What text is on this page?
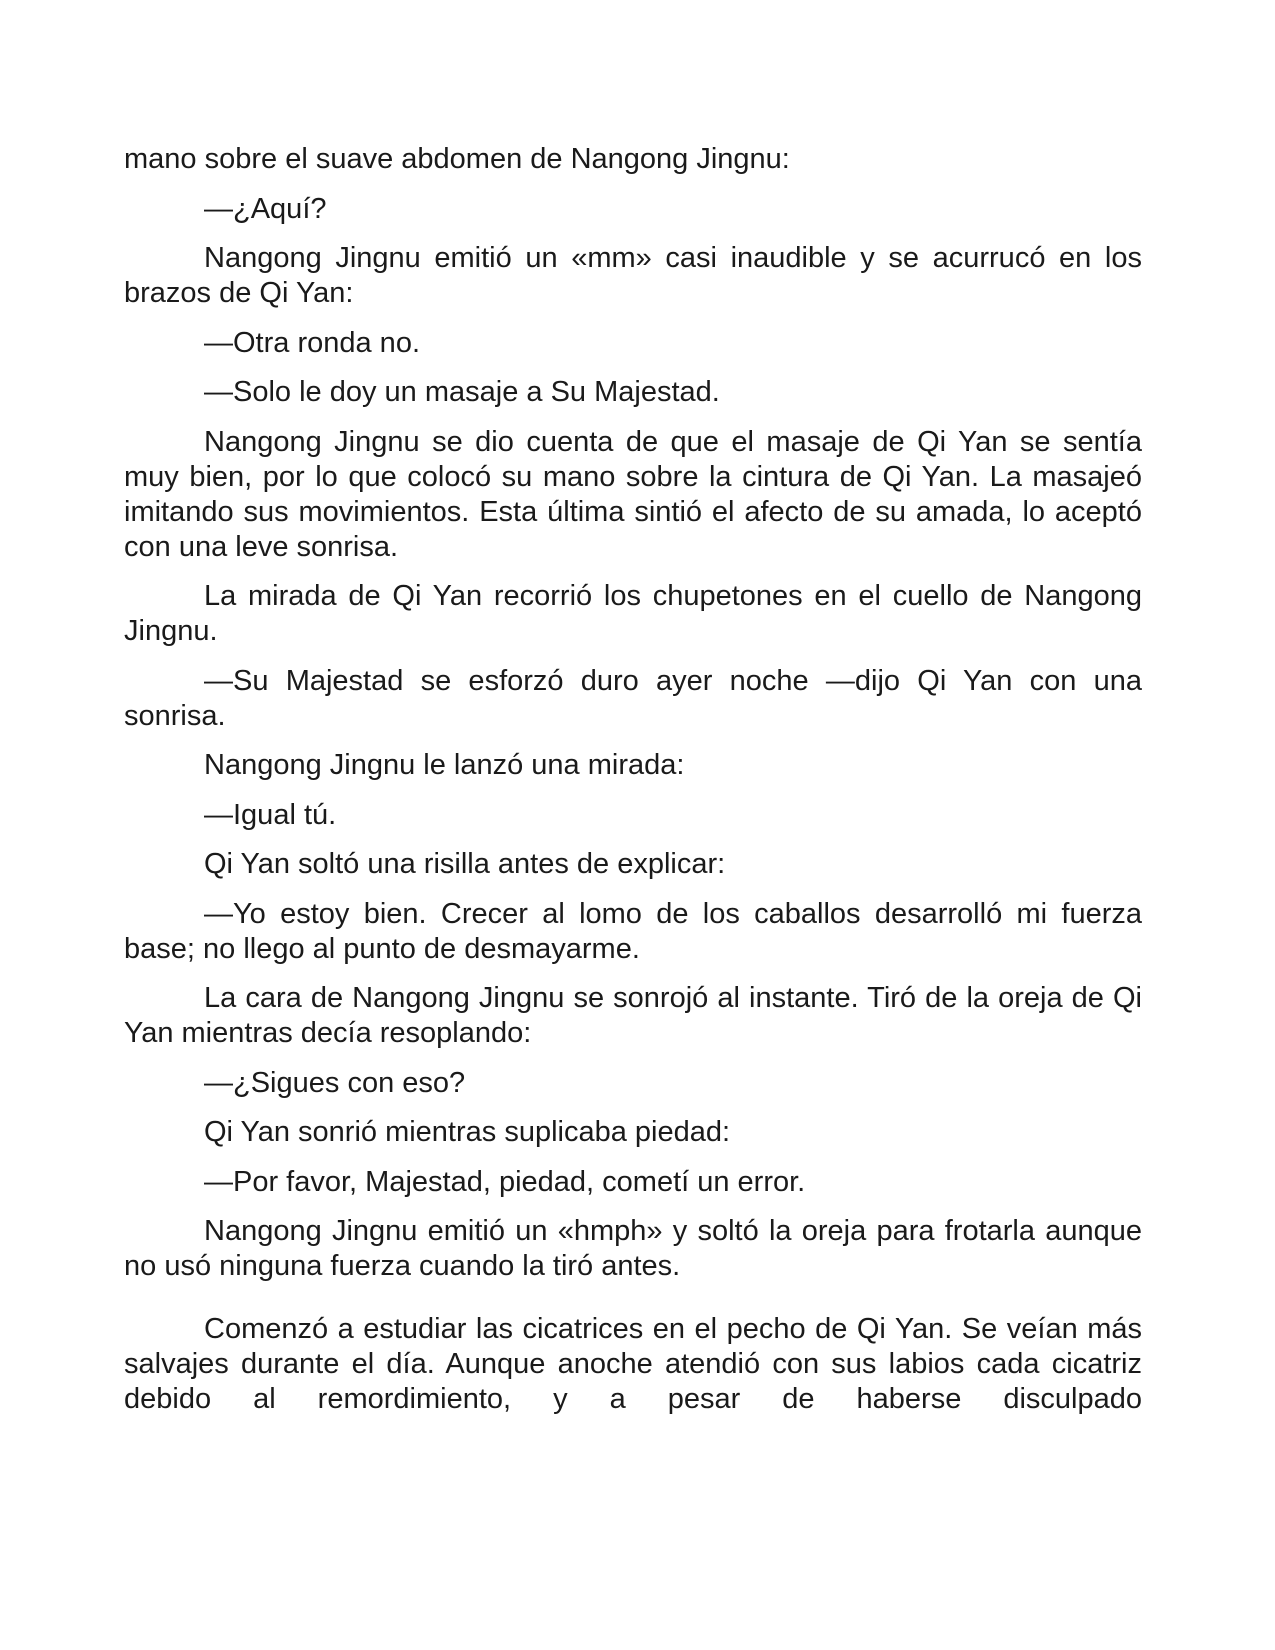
mano sobre el suave abdomen de Nangong Jingnu:

—¿Aquí?

Nangong Jingnu emitió un «mm» casi inaudible y se acurrucó en los brazos de Qi Yan:

—Otra ronda no.

—Solo le doy un masaje a Su Majestad.

Nangong Jingnu se dio cuenta de que el masaje de Qi Yan se sentía muy bien, por lo que colocó su mano sobre la cintura de Qi Yan. La masajeó imitando sus movimientos. Esta última sintió el afecto de su amada, lo aceptó con una leve sonrisa.

La mirada de Qi Yan recorrió los chupetones en el cuello de Nangong Jingnu.

—Su Majestad se esforzó duro ayer noche —dijo Qi Yan con una sonrisa.

Nangong Jingnu le lanzó una mirada:

—Igual tú.

Qi Yan soltó una risilla antes de explicar:

—Yo estoy bien. Crecer al lomo de los caballos desarrolló mi fuerza base; no llego al punto de desmayarme.

La cara de Nangong Jingnu se sonrojó al instante. Tiró de la oreja de Qi Yan mientras decía resoplando:

—¿Sigues con eso?

Qi Yan sonrió mientras suplicaba piedad:

—Por favor, Majestad, piedad, cometí un error.

Nangong Jingnu emitió un «hmph» y soltó la oreja para frotarla aunque no usó ninguna fuerza cuando la tiró antes.

Comenzó a estudiar las cicatrices en el pecho de Qi Yan. Se veían más salvajes durante el día. Aunque anoche atendió con sus labios cada cicatriz debido al remordimiento, y a pesar de haberse disculpado
